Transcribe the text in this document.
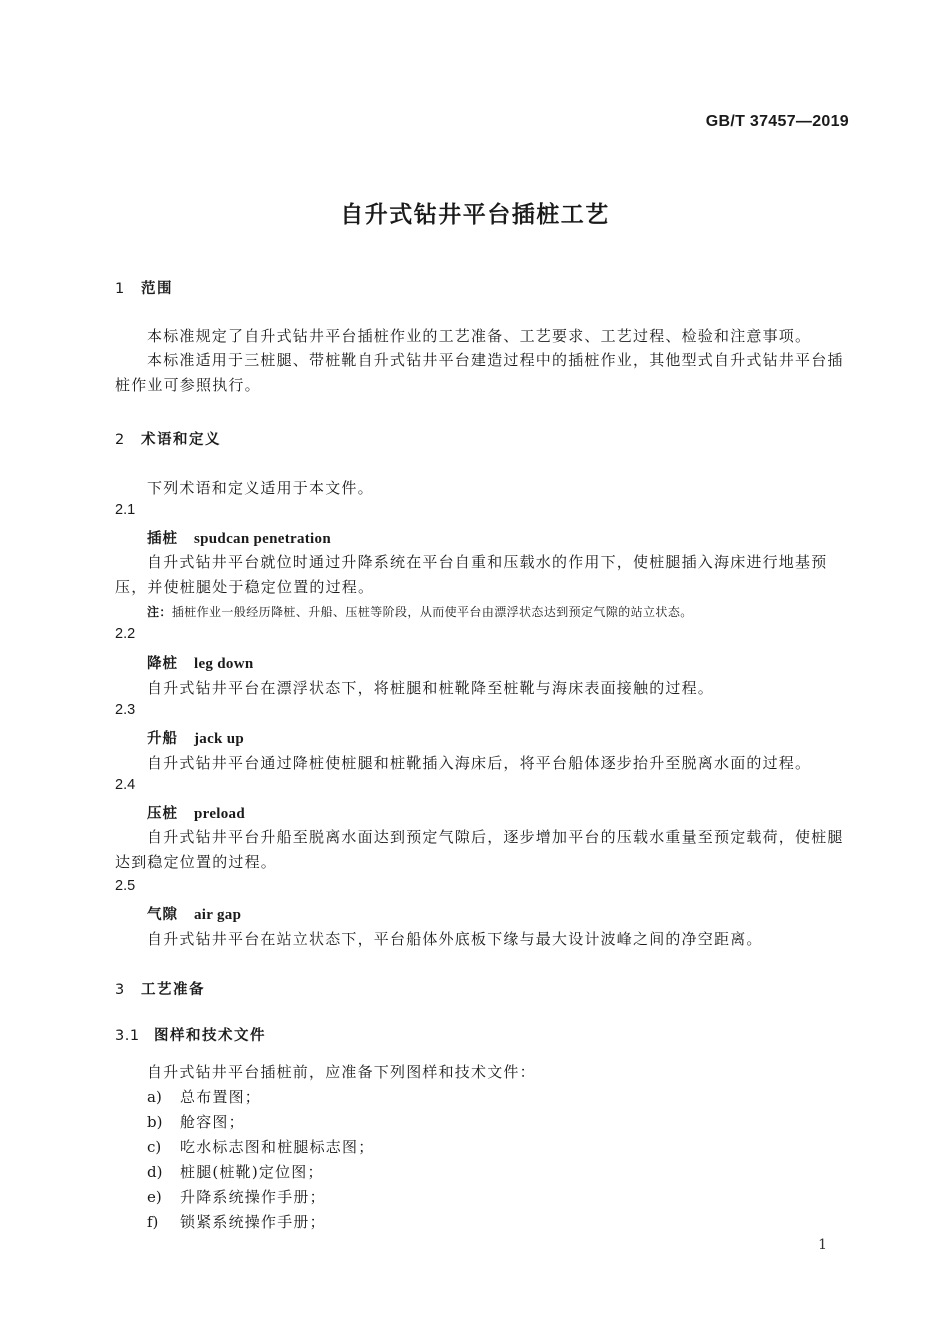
GB/T 37457—2019
自升式钻井平台插桩工艺
1 范围
本标准规定了自升式钻井平台插桩作业的工艺准备、工艺要求、工艺过程、检验和注意事项。
本标准适用于三桩腿、带桩靴自升式钻井平台建造过程中的插桩作业，其他型式自升式钻井平台插桩作业可参照执行。
2 术语和定义
下列术语和定义适用于本文件。
2.1
插桩 spudcan penetration
自升式钻井平台就位时通过升降系统在平台自重和压载水的作用下，使桩腿插入海床进行地基预压，并使桩腿处于稳定位置的过程。
注：插桩作业一般经历降桩、升船、压桩等阶段，从而使平台由漂浮状态达到预定气隙的站立状态。
2.2
降桩 leg down
自升式钻井平台在漂浮状态下，将桩腿和桩靴降至桩靴与海床表面接触的过程。
2.3
升船 jack up
自升式钻井平台通过降桩使桩腿和桩靴插入海床后，将平台船体逐步抬升至脱离水面的过程。
2.4
压桩 preload
自升式钻井平台升船至脱离水面达到预定气隙后，逐步增加平台的压载水重量至预定载荷，使桩腿达到稳定位置的过程。
2.5
气隙 air gap
自升式钻井平台在站立状态下，平台船体外底板下缘与最大设计波峰之间的净空距离。
3 工艺准备
3.1 图样和技术文件
自升式钻井平台插桩前，应准备下列图样和技术文件：
a) 总布置图；
b) 舱容图；
c) 吃水标志图和桩腿标志图；
d) 桩腿(桩靴)定位图；
e) 升降系统操作手册；
f) 锁紧系统操作手册；
1
